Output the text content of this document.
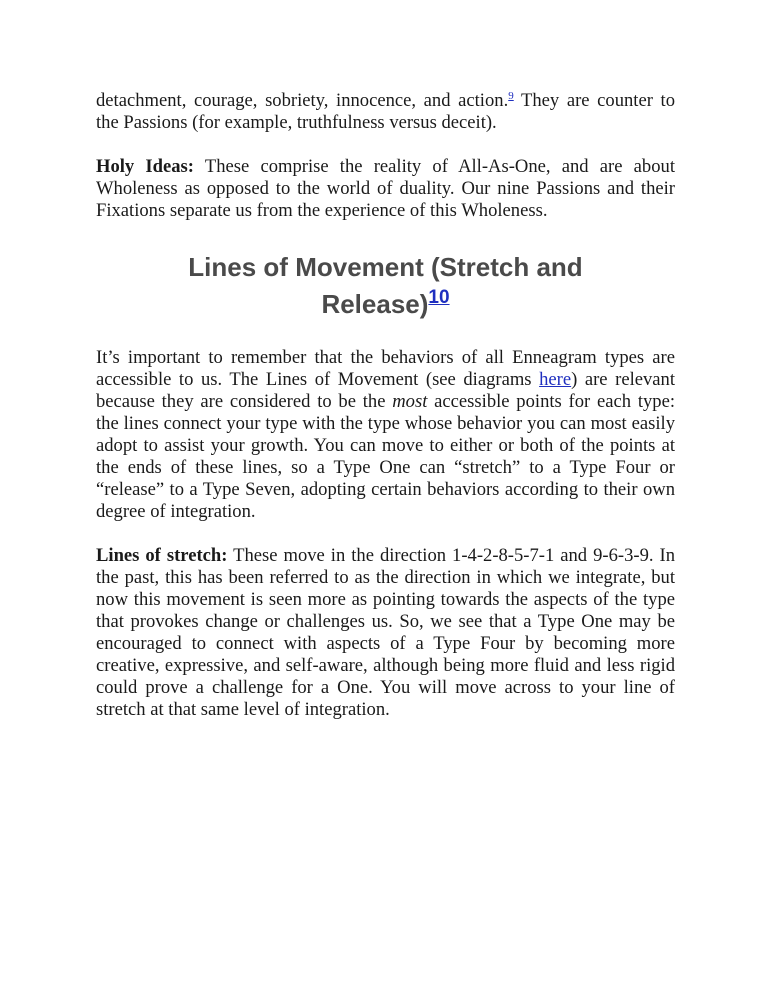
detachment, courage, sobriety, innocence, and action.$^9$ They are counter to the Passions (for example, truthfulness versus deceit).

Holy Ideas: These comprise the reality of All-As-One, and are about Wholeness as opposed to the world of duality. Our nine Passions and their Fixations separate us from the experience of this Wholeness.

Lines of Movement (Stretch and
Release)$^{10}$

It’s important to remember that the behaviors of all Enneagram types are accessible to us. The Lines of Movement (see diagrams here) are relevant because they are considered to be the most accessible points for each type: the lines connect your type with the type whose behavior you can most easily adopt to assist your growth. You can move to either or both of the points at the ends of these lines, so a Type One can “stretch” to a Type Four or “release” to a Type Seven, adopting certain behaviors according to their own degree of integration.

Lines of stretch: These move in the direction 1-4-2-8-5-7-1 and 9-6-3-9. In the past, this has been referred to as the direction in which we integrate, but now this movement is seen more as pointing towards the aspects of the type that provokes change or challenges us. So, we see that a Type One may be encouraged to connect with aspects of a Type Four by becoming more creative, expressive, and self-aware, although being more fluid and less rigid could prove a challenge for a One. You will move across to your line of stretch at that same level of integration.
